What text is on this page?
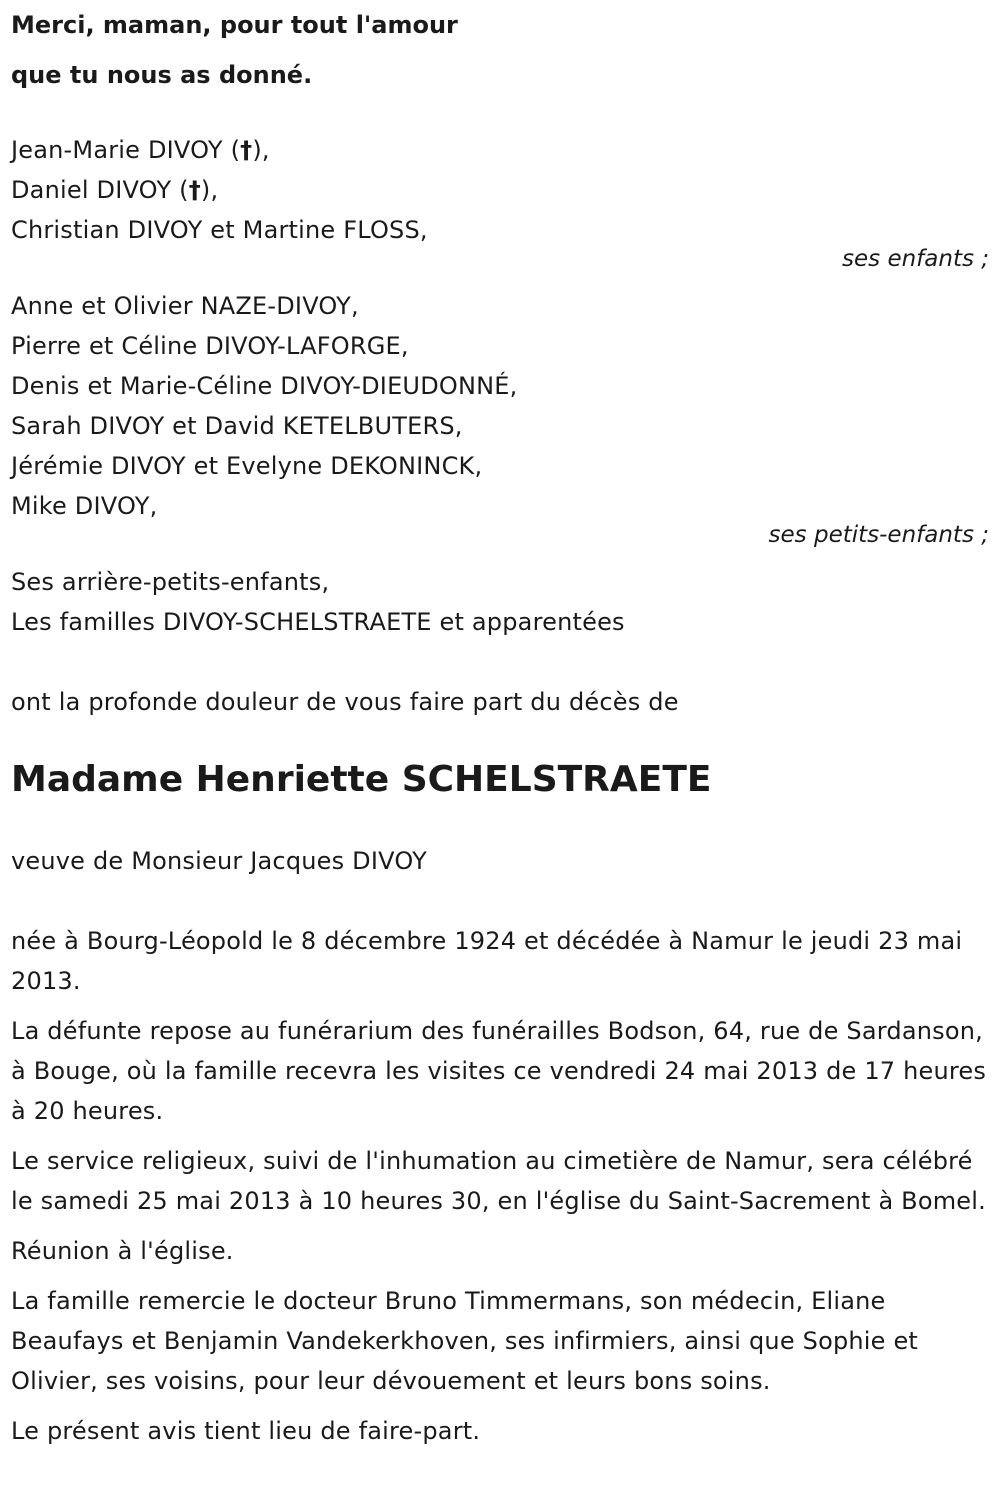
Merci, maman, pour tout l'amour
que tu nous as donné.
Jean-Marie DIVOY (†),
Daniel DIVOY (†),
Christian DIVOY et Martine FLOSS,
ses enfants ;
Anne et Olivier NAZE-DIVOY,
Pierre et Céline DIVOY-LAFORGE,
Denis et Marie-Céline DIVOY-DIEUDONNÉ,
Sarah DIVOY et David KETELBUTERS,
Jérémie DIVOY et Evelyne DEKONINCK,
Mike DIVOY,
ses petits-enfants ;
Ses arrière-petits-enfants,
Les familles DIVOY-SCHELSTRAETE et apparentées
ont la profonde douleur de vous faire part du décès de
Madame Henriette SCHELSTRAETE
veuve de Monsieur Jacques DIVOY
née à Bourg-Léopold le 8 décembre 1924 et décédée à Namur le jeudi 23 mai 2013.
La défunte repose au funérarium des funérailles Bodson, 64, rue de Sardanson, à Bouge, où la famille recevra les visites ce vendredi 24 mai 2013 de 17 heures à 20 heures.
Le service religieux, suivi de l'inhumation au cimetière de Namur, sera célébré le samedi 25 mai 2013 à 10 heures 30, en l'église du Saint-Sacrement à Bomel.
Réunion à l'église.
La famille remercie le docteur Bruno Timmermans, son médecin, Eliane Beaufays et Benjamin Vandekerkhoven, ses infirmiers, ainsi que Sophie et Olivier, ses voisins, pour leur dévouement et leurs bons soins.
Le présent avis tient lieu de faire-part.
